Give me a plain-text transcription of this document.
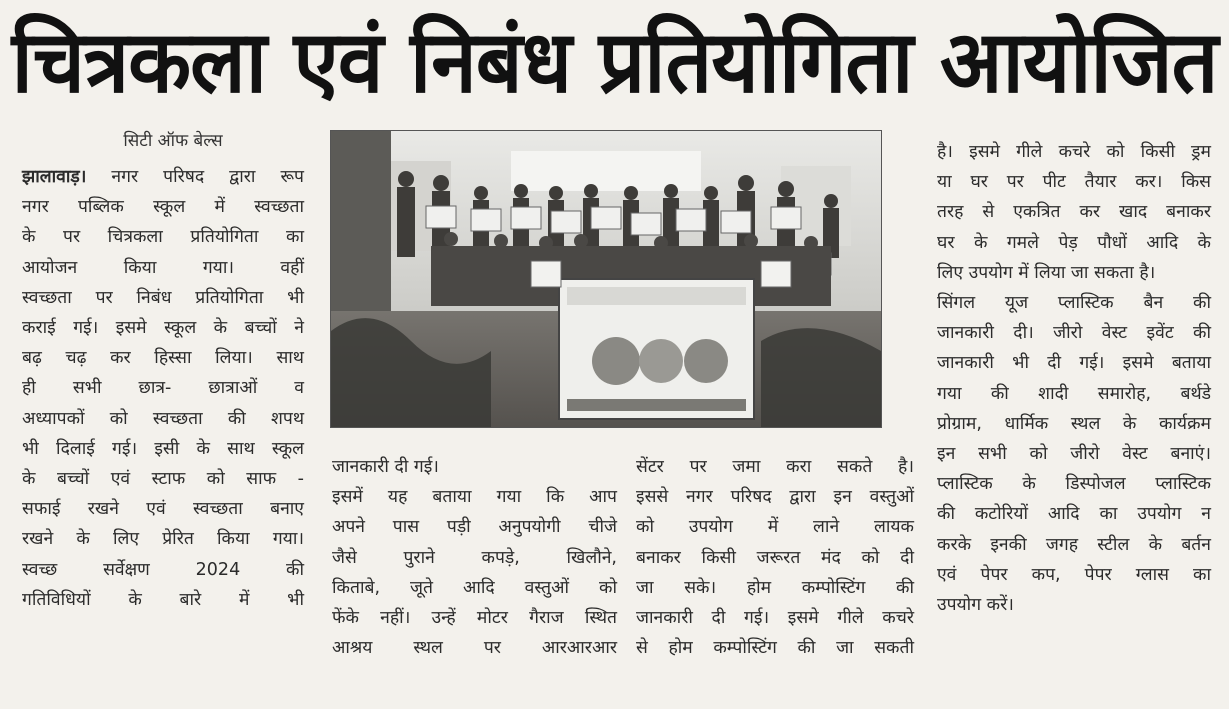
चित्रकला एवं निबंध प्रतियोगिता आयोजित
सिटी ऑफ बेल्स
झालावाड़। नगर परिषद द्वारा रूप
नगर पब्लिक स्कूल में स्वच्छता
के पर चित्रकला प्रतियोगिता का
आयोजन किया गया। वहीं
स्वच्छता पर निबंध प्रतियोगिता भी
कराई गई। इसमे स्कूल के बच्चों ने
बढ़ चढ़ कर हिस्सा लिया। साथ
ही सभी छात्र- छात्राओं व
अध्यापकों को स्वच्छता की शपथ
भी दिलाई गई। इसी के साथ स्कूल
के बच्चों एवं स्टाफ को साफ -
सफाई रखने एवं स्वच्छता बनाए
रखने के लिए प्रेरित किया गया।
स्वच्छ सर्वेक्षण 2024 की
गतिविधियों के बारे में भी
जानकारी दी गई।
इसमें यह बताया गया कि आप
अपने पास पड़ी अनुपयोगी चीजे
जैसे पुराने कपड़े, खिलौने,
किताबे, जूते आदि वस्तुओं को
फेंके नहीं। उन्हें मोटर गैराज स्थित
आश्रय स्थल पर आरआरआर
सेंटर पर जमा करा सकते है।
इससे नगर परिषद द्वारा इन वस्तुओं
को उपयोग में लाने लायक
बनाकर किसी जरूरत मंद को दी
जा सके। होम कम्पोस्टिंग की
जानकारी दी गई। इसमे गीले कचरे
से होम कम्पोस्टिंग की जा सकती
है। इसमे गीले कचरे को किसी ड्रम
या घर पर पीट तैयार कर। किस
तरह से एकत्रित कर खाद बनाकर
घर के गमले पेड़ पौधों आदि के
लिए उपयोग में लिया जा सकता है।
सिंगल यूज प्लास्टिक बैन की
जानकारी दी। जीरो वेस्ट इवेंट की
जानकारी भी दी गई। इसमे बताया
गया की शादी समारोह, बर्थडे
प्रोग्राम, धार्मिक स्थल के कार्यक्रम
इन सभी को जीरो वेस्ट बनाएं।
प्लास्टिक के डिस्पोजल प्लास्टिक
की कटोरियों आदि का उपयोग न
करके इनकी जगह स्टील के बर्तन
एवं पेपर कप, पेपर ग्लास का
उपयोग करें।
